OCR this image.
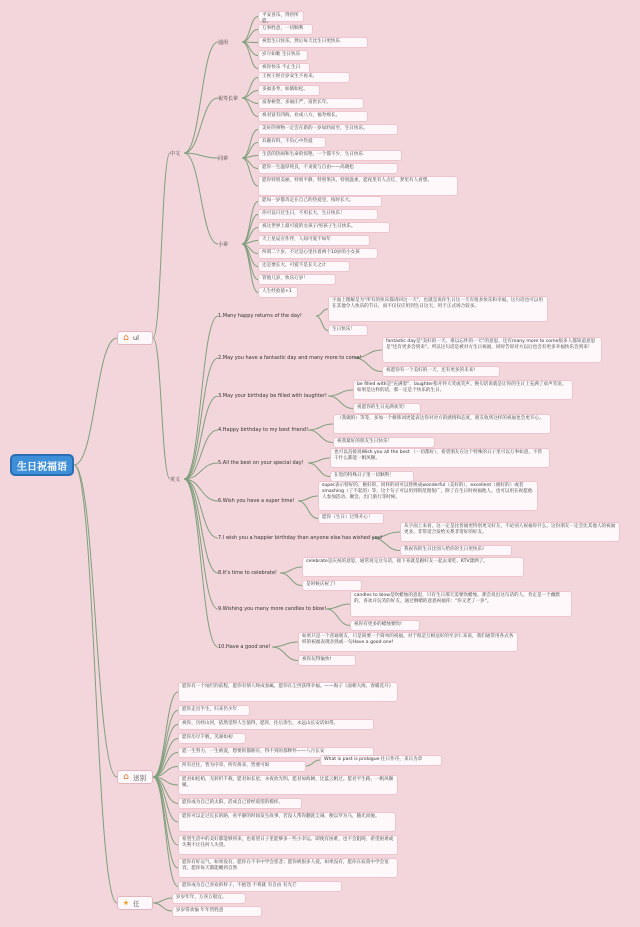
生日祝福语
⌂ ul
中文
通用
平安喜乐，得偿所愿。
万事胜意，一切顺利
祝您生日快乐，然后每天比生日更快乐
岁月如歌 生日快乐
祝你快乐 不止生日
祝寿长辈
王侯王侯百岁安生不再来。
多福多寿，如鹤如松。
富春树萱，多福庄严，富贵长年。
祝君富有四海，业成八方，福寿绵长。
同辈
美好的事物一定会在新的一岁如约而至，生日快乐。
有趣有料，不负心中热爱
生活的热闹和生命的惊艳，一个都不少，生日快乐
愿你一生温厚纯良，不贪爱与自由——高晓松
愿你特别美丽，特别平静，特别果决，特别温柔，愿夜里有人点灯，梦里有人看想。
小辈
愿每一岁都奔走在自己的热爱里，按时长大。
你可以只过生日，不用长大，生日快乐！
祝这世界上最可爱的女孩子/男孩子生日快乐。
天上星辰应作伴，人间可爱不如年
所谓二十岁，不过是心里住着两个10岁的小女孩
还是要长大，可爱不是长久之计
管他几岁，快乐万岁！
人生经验值+1
英文
1.Many happy returns of the day!
字面上理解是为"所有的快乐都请回这一天"，也就是说你生日这一天有很多快乐和幸福。这句话也可以用在其他令人快乐的节日，而不仅仅应用到生日这天。用于正式场合较多。
生日快乐！
2.May you have a fantastic day and many more to come!
fantastic day是"美好的一天、难以忘怀的一天"的意思，还有many more to come很多人都知道意思是"还有更多会到来"。所以这句话是被对方生日祝福，同时告诉对方以后也会有更多幸福快乐会到来！
祝愿你有一个美好的一天，还有更多的未来!
3.May your birthday be filled with laughter!
be filled with是"充满着"，laughter指开怀大笑或笑声。换句话说就是让你的生日上充满了欢声笑语。如果是这样的话，那一定是个快乐的生日。
祝愿你的生日充满欢笑!
4.Happy birthday to my best friend!
（我做的）等等，多加一个修饰词更能表达你对对方的感情和态度，朋友收到这样的祝福也会更开心。
祝我最好的朋友生日快乐！
5.All the best on your special day!
也可以直接说Wish you all the best （一切都好），希望朋友在这个特殊的日子里可以万事如意，不管干什么都能一帆风顺。
在您的特殊日子里一切顺利！
6.Wish you have a super time!
super表示特好的、极好的，同样的词可以替换成wonderful（美好的），excellent（极好的）或者smashing（了不起的）等，这个句子可以用到的范围很广，除了在生日时祝福他人，也可以用在祝愿他人参加活动、聚会、出门旅行等时候。
愿你（生日）过得开心！
7.I wish you a happier birthday than anyone else has wished you!
从字面上来看，这一定是比普通更特别更交好友，不论别人祝福你什么，这份朋友一定会比其他人的祝福更多。非常适合发给关系非常好的好友。
我祝你的生日比别人给你的生日更快乐!
8.It's time to celebrate!
celebrate是庆祝的意思，通常说完这句话，接下来就是跟好友一起去请吃、KTV潇洒了。
是时候庆祝了!
9.Wishing you many more candles to blow!
candles to blow是吹蜡烛的意思，只有生日那天需要吹蜡烛，那会说出这句话的人，肯定是一个幽默的，喜欢开玩笑的好友。通过倒蜡的意思祝福你："你又老了一岁"。
祝你有更多的蜡烛要吹!
10.Have a good one!
如果只是一个普通朋友，只是简要一个简单的祝福。对于很是互相送好的至亲仁来说，我们通常用各式各样的祝福表现亲熟或一句Have a good one!
祝你玩得愉快!
⌂ 送别
愿你有一个灿烂的前程，愿你有情人终成眷属，愿你在尘世获得幸福。——海子《面朝大海，春暖花开》
愿你走出半生，归来仍少年
祝你，历经山河，依然觉得人生值得，愿你，往后余生，永远山长安话如常。
愿你历尽千帆，笑颜如初
愿一生努力，一生被爱，想要的都拥有，得不到的都释怀——八月长安
所有过往，皆为序章，所有将来，皆要可盼
愿君如松柏，无转折千载，愿君如长星，永夜放光明。愿君如海阔，比蓝云帆过。愿君平生路，一帆风顺履。
愿你成为自己的太阳，活成自己曾经渴望的模样。
愿你可以走过长长的路，看平静的时间发生故事，若没人帮你翻洗尘闹，便以罗为马，随光而驰。
希望生活中的美好都能够到来，也希望日子里能够多一些小幸运。即使有困难，也不会阻碍，希望困难或失利不让任何人失望。
愿你有好运气，如果没有，愿你在不幸中学会慈悲；愿你被很多人爱，如果没有，愿你在寂寞中学会宽容，愿你每天都能睡到自然
愿你成为自己喜欢的样子，不抱怨 不将就 有自由 有光芒
What is past is prologue 往日作序，来日为章
★ 任
岁岁年年，万喜万般宜。
岁岁常欢愉 年年皆胜意
